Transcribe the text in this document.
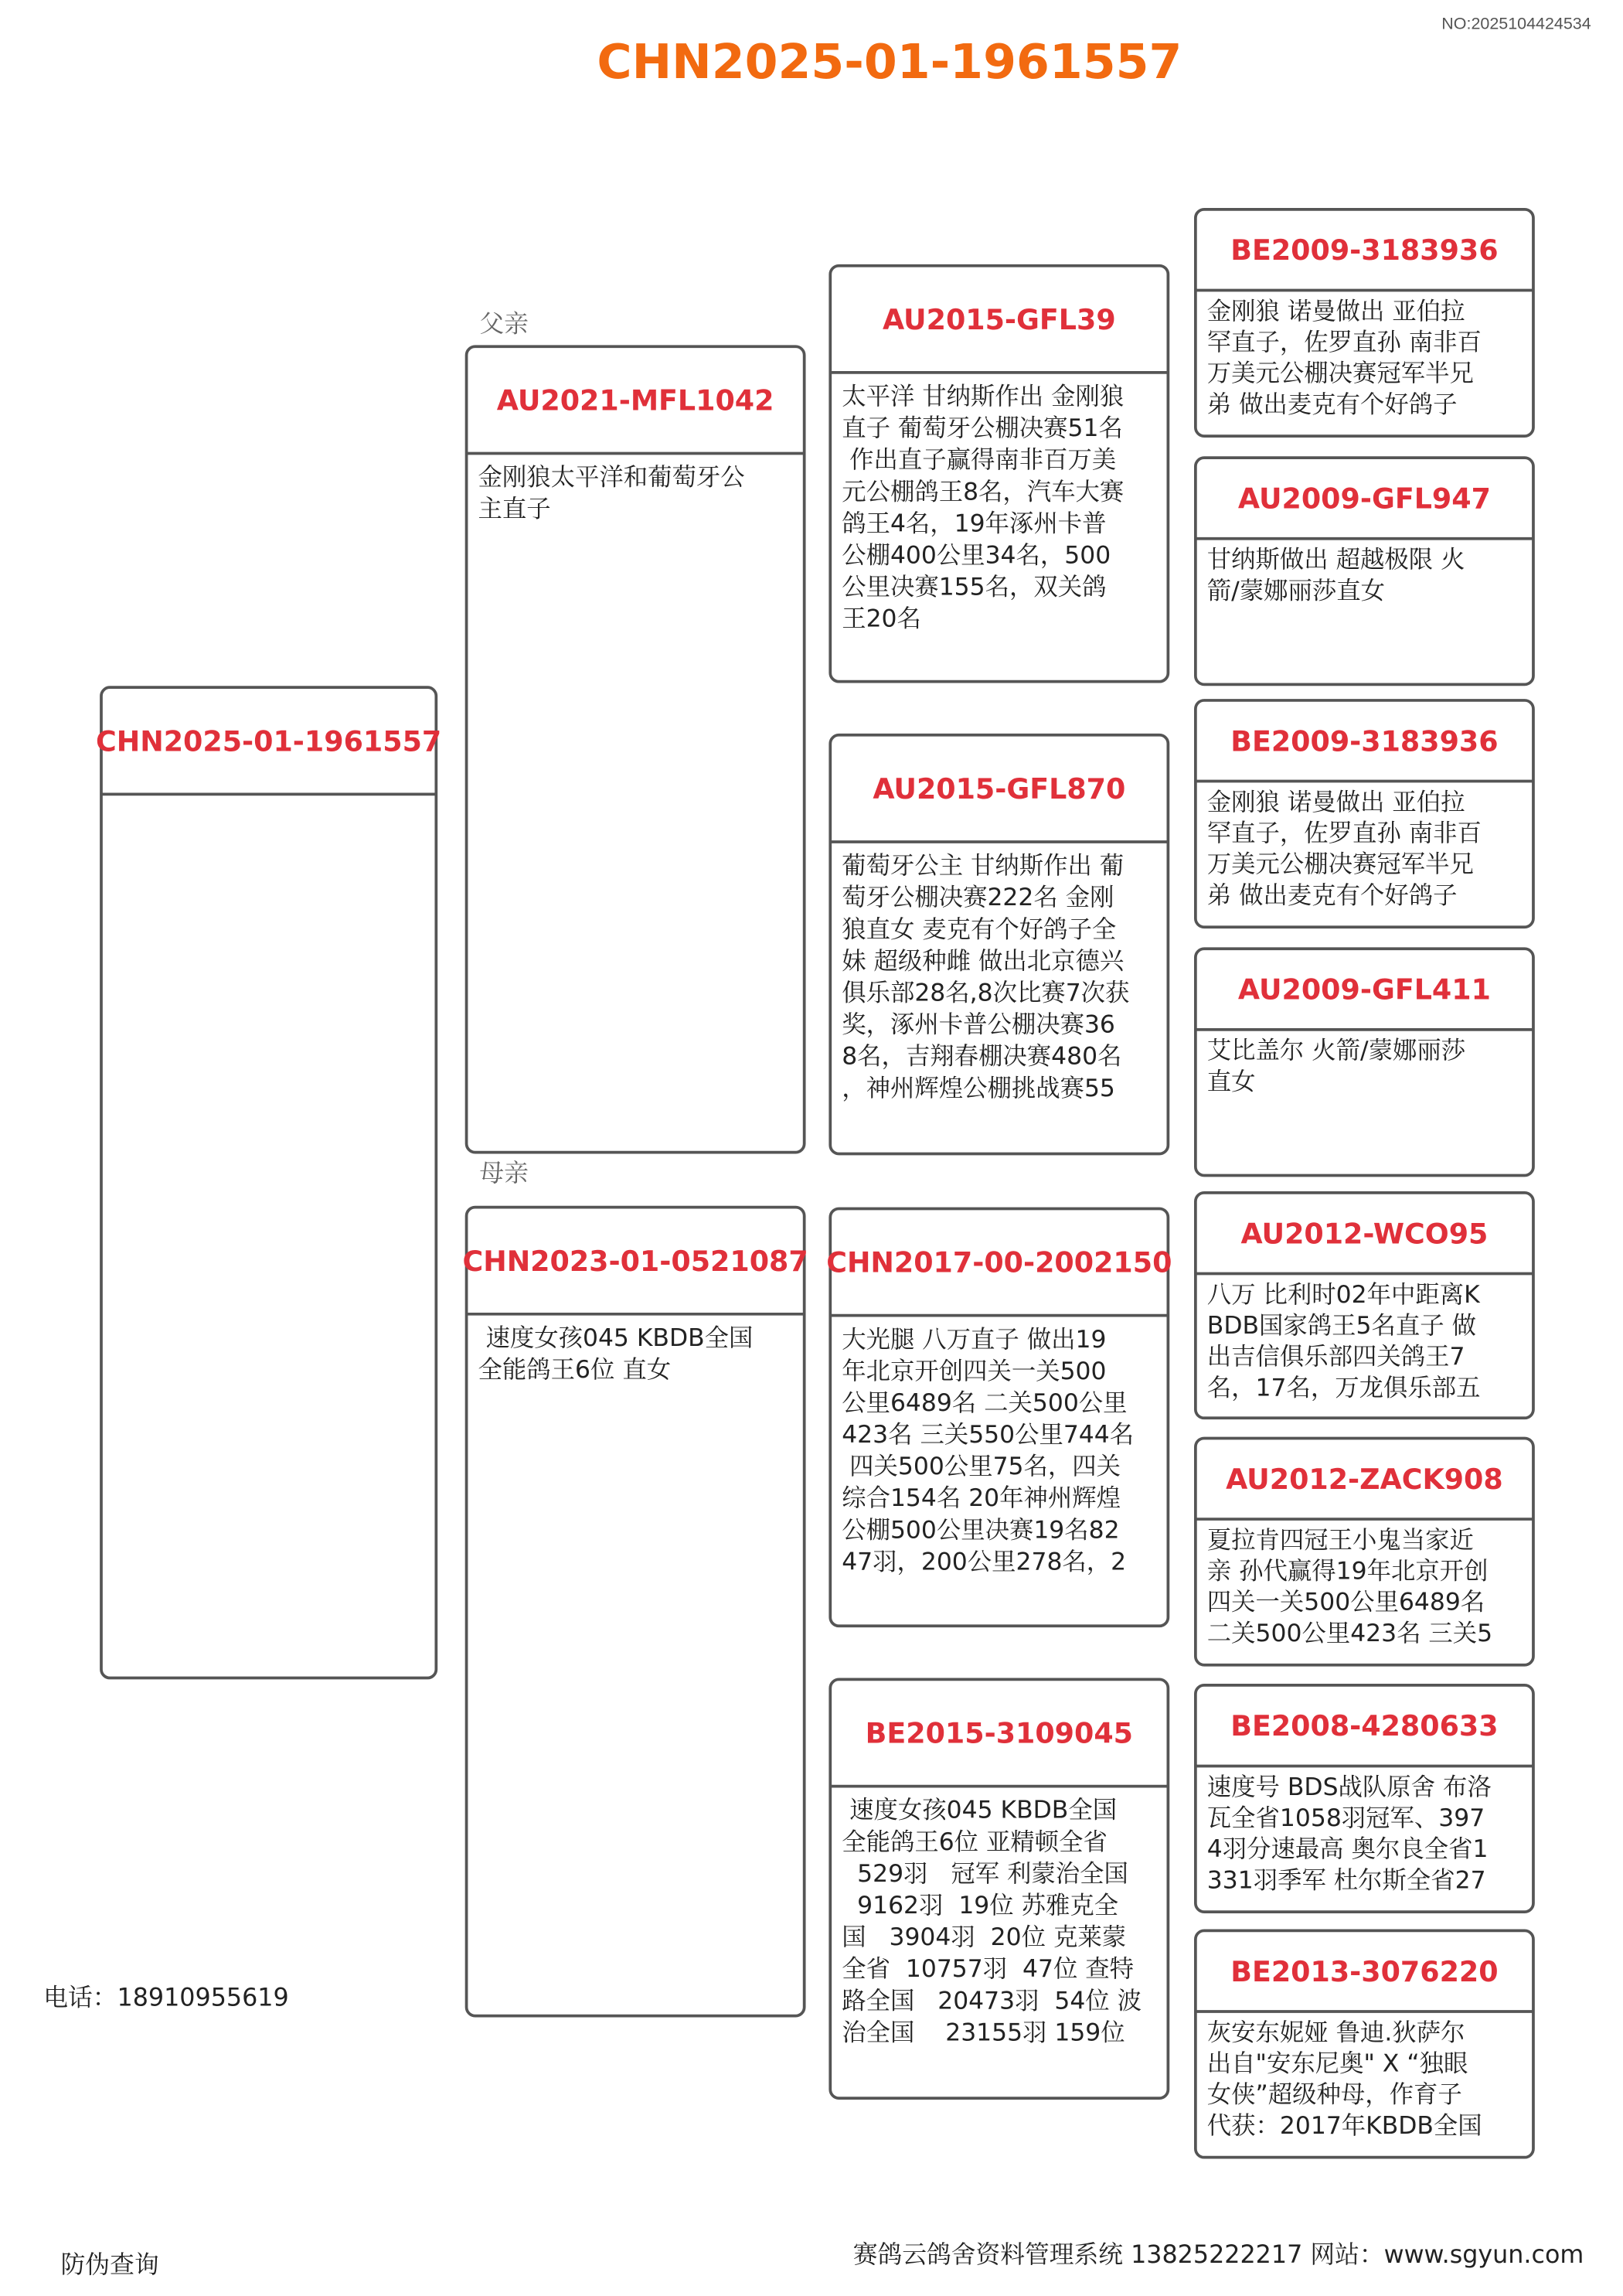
NO:2025104424534
CHN2025-01-1961557
父亲
母亲
CHN2025-01-1961557
AU2021-MFL1042
金刚狼太平洋和葡萄牙公
主直子
CHN2023-01-0521087
速度女孩045 KBDB全国
全能鸽王6位 直女
AU2015-GFL39
太平洋 甘纳斯作出 金刚狼
直子 葡萄牙公棚决赛51名
作出直子赢得南非百万美
元公棚鸽王8名，汽车大赛
鸽王4名，19年涿州卡普
公棚400公里34名，500
公里决赛155名，双关鸽
王20名
AU2015-GFL870
葡萄牙公主 甘纳斯作出 葡
萄牙公棚决赛222名 金刚
狼直女 麦克有个好鸽子全
妹 超级种雌 做出北京德兴
俱乐部28名,8次比赛7次获
奖，涿州卡普公棚决赛36
8名，吉翔春棚决赛480名
，神州辉煌公棚挑战赛55
CHN2017-00-2002150
大光腿 八万直子 做出19
年北京开创四关一关500
公里6489名 二关500公里
423名 三关550公里744名
四关500公里75名，四关
综合154名 20年神州辉煌
公棚500公里决赛19名82
47羽，200公里278名，2
BE2015-3109045
速度女孩045 KBDB全国
全能鸽王6位 亚精顿全省
529羽   冠军 利蒙治全国
9162羽  19位 苏雅克全
国   3904羽  20位 克莱蒙
全省  10757羽  47位 查特
路全国   20473羽  54位 波
治全国    23155羽 159位
BE2009-3183936
金刚狼 诺曼做出 亚伯拉
罕直子，佐罗直孙 南非百
万美元公棚决赛冠军半兄
弟 做出麦克有个好鸽子
AU2009-GFL947
甘纳斯做出 超越极限 火
箭/蒙娜丽莎直女
BE2009-3183936
金刚狼 诺曼做出 亚伯拉
罕直子，佐罗直孙 南非百
万美元公棚决赛冠军半兄
弟 做出麦克有个好鸽子
AU2009-GFL411
艾比盖尔 火箭/蒙娜丽莎
直女
AU2012-WCO95
八万 比利时02年中距离K
BDB国家鸽王5名直子 做
出吉信俱乐部四关鸽王7
名，17名，万龙俱乐部五
AU2012-ZACK908
夏拉肯四冠王小鬼当家近
亲 孙代赢得19年北京开创
四关一关500公里6489名
二关500公里423名 三关5
BE2008-4280633
速度号 BDS战队原舍 布洛
瓦全省1058羽冠军、397
4羽分速最高 奥尔良全省1
331羽季军 杜尔斯全省27
BE2013-3076220
灰安东妮娅 鲁迪.狄萨尔
出自"安东尼奥" X “独眼
女侠”超级种母，作育子
代获：2017年KBDB全国
电话：18910955619
防伪查询	赛鸽云鸽舍资料管理系统 13825222217 网站：www.sgyun.com
